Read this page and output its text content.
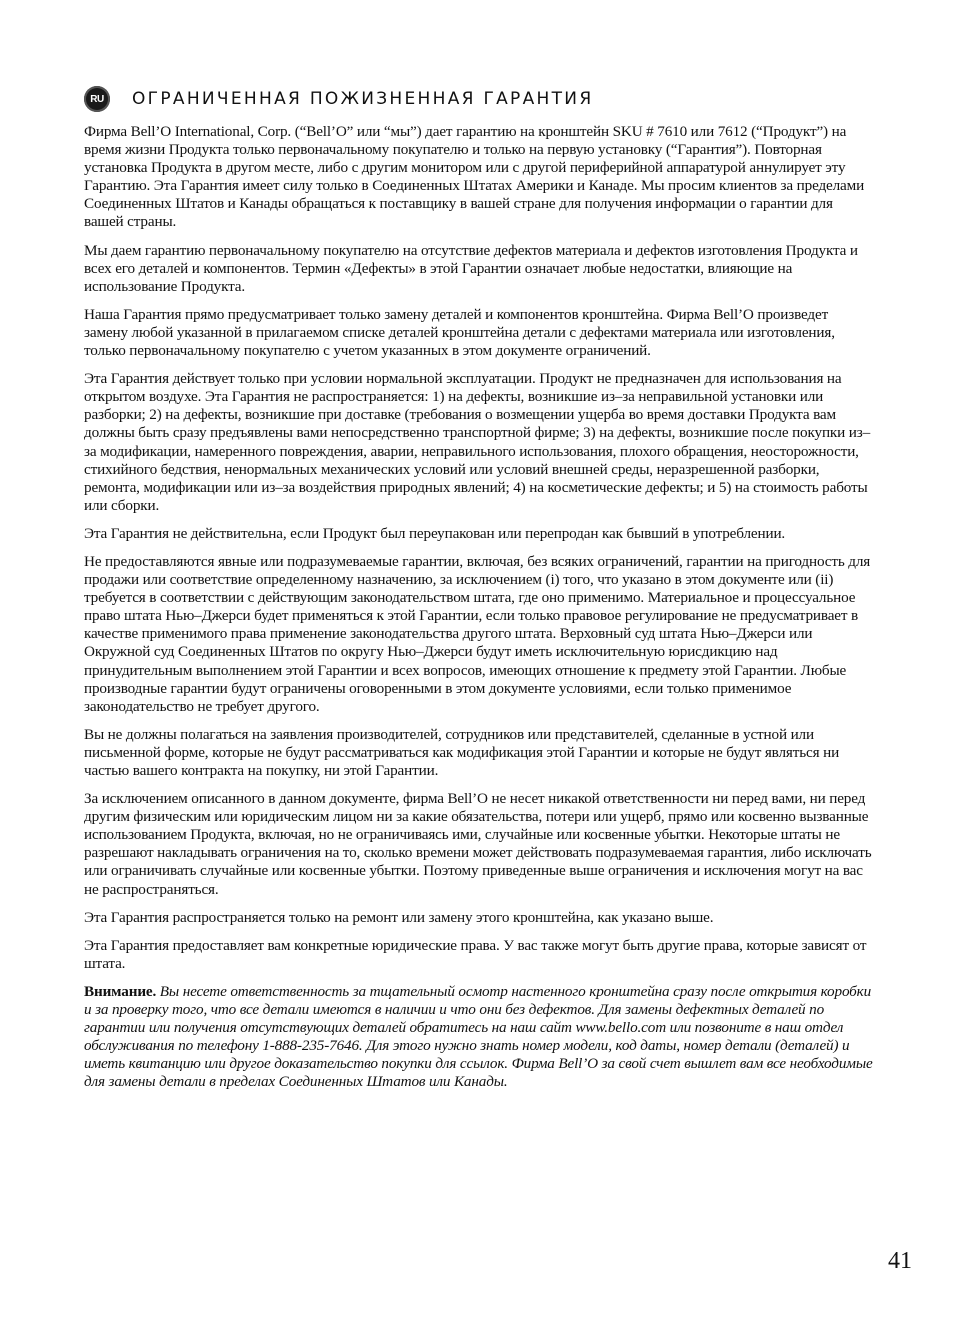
RU ОГРАНИЧЕННАЯ ПОЖИЗНЕННАЯ ГАРАНТИЯ

Фирма Bell’O International, Corp. (“Bell’O” или “мы”) дает гарантию на кронштейн SKU # 7610 или 7612 (“Продукт”) на время жизни Продукта только первоначальному покупателю и только на первую установку (“Гарантия”). Повторная установка Продукта в другом месте, либо с другим монитором или с другой периферийной аппаратурой аннулирует эту Гарантию. Эта Гарантия имеет силу только в Соединенных Штатах Америки и Канаде. Мы просим клиентов за пределами Соединенных Штатов и Канады обращаться к поставщику в вашей стране для получения информации о гарантии для вашей страны.

Мы даем гарантию первоначальному покупателю на отсутствие дефектов материала и дефектов изготовления Продукта и всех его деталей и компонентов. Термин «Дефекты» в этой Гарантии означает любые недостатки, влияющие на использование Продукта.

Наша Гарантия прямо предусматривает только замену деталей и компонентов кронштейна. Фирма Bell’O произведет замену любой указанной в прилагаемом списке деталей кронштейна детали с дефектами материала или изготовления, только первоначальному покупателю с учетом указанных в этом документе ограничений.

Эта Гарантия действует только при условии нормальной эксплуатации. Продукт не предназначен для использования на открытом воздухе. Эта Гарантия не распространяется: 1) на дефекты, возникшие из–за неправильной установки или разборки; 2) на дефекты, возникшие при доставке (требования о возмещении ущерба во время доставки Продукта вам должны быть сразу предъявлены вами непосредственно транспортной фирме; 3) на дефекты, возникшие после покупки из–за модификации, намеренного повреждения, аварии, неправильного использования, плохого обращения, неосторожности, стихийного бедствия, ненормальных механических условий или условий внешней среды, неразрешенной разборки, ремонта, модификации или из–за воздействия природных явлений; 4) на косметические дефекты; и 5) на стоимость работы или сборки.

Эта Гарантия не действительна, если Продукт был переупакован или перепродан как бывший в употреблении.

Не предоставляются явные или подразумеваемые гарантии, включая, без всяких ограничений, гарантии на пригодность для продажи или соответствие определенному назначению, за исключением (i) того, что указано в этом документе или (ii) требуется в соответствии с действующим законодательством штата, где оно применимо. Материальное и процессуальное право штата Нью–Джерси будет применяться к этой Гарантии, если только правовое регулирование не предусматривает в качестве применимого права применение законодательства другого штата. Верховный суд штата Нью–Джерси или Окружной суд Соединенных Штатов по округу Нью–Джерси будут иметь исключительную юрисдикцию над принудительным выполнением этой Гарантии и всех вопросов, имеющих отношение к предмету этой Гарантии. Любые производные гарантии будут ограничены оговоренными в этом документе условиями, если только применимое законодательство не требует другого.

Вы не должны полагаться на заявления производителей, сотрудников или представителей, сделанные в устной или письменной форме, которые не будут рассматриваться как модификация этой Гарантии и которые не будут являться ни частью вашего контракта на покупку, ни этой Гарантии.

За исключением описанного в данном документе, фирма Bell’O не несет никакой ответственности ни перед вами, ни перед другим физическим или юридическим лицом ни за какие обязательства, потери или ущерб, прямо или косвенно вызванные использованием Продукта, включая, но не ограничиваясь ими, случайные или косвенные убытки. Некоторые штаты не разрешают накладывать ограничения на то, сколько времени может действовать подразумеваемая гарантия, либо исключать или ограничивать случайные или косвенные убытки. Поэтому приведенные выше ограничения и исключения могут на вас не распространяться.

Эта Гарантия распространяется только на ремонт или замену этого кронштейна, как указано выше.

Эта Гарантия предоставляет вам конкретные юридические права. У вас также могут быть другие права, которые зависят от штата.

Внимание. Вы несете ответственность за тщательный осмотр настенного кронштейна сразу после открытия коробки и за проверку того, что все детали имеются в наличии и что они без дефектов. Для замены дефектных деталей по гарантии или получения отсутствующих деталей обратитесь на наш сайт www.bello.com или позвоните в наш отдел обслуживания по телефону 1-888-235-7646. Для этого нужно знать номер модели, код даты, номер детали (деталей) и иметь квитанцию или другое доказательство покупки для ссылок. Фирма Bell’O за свой счет вышлет вам все необходимые для замены детали в пределах Соединенных Штатов или Канады.

41
